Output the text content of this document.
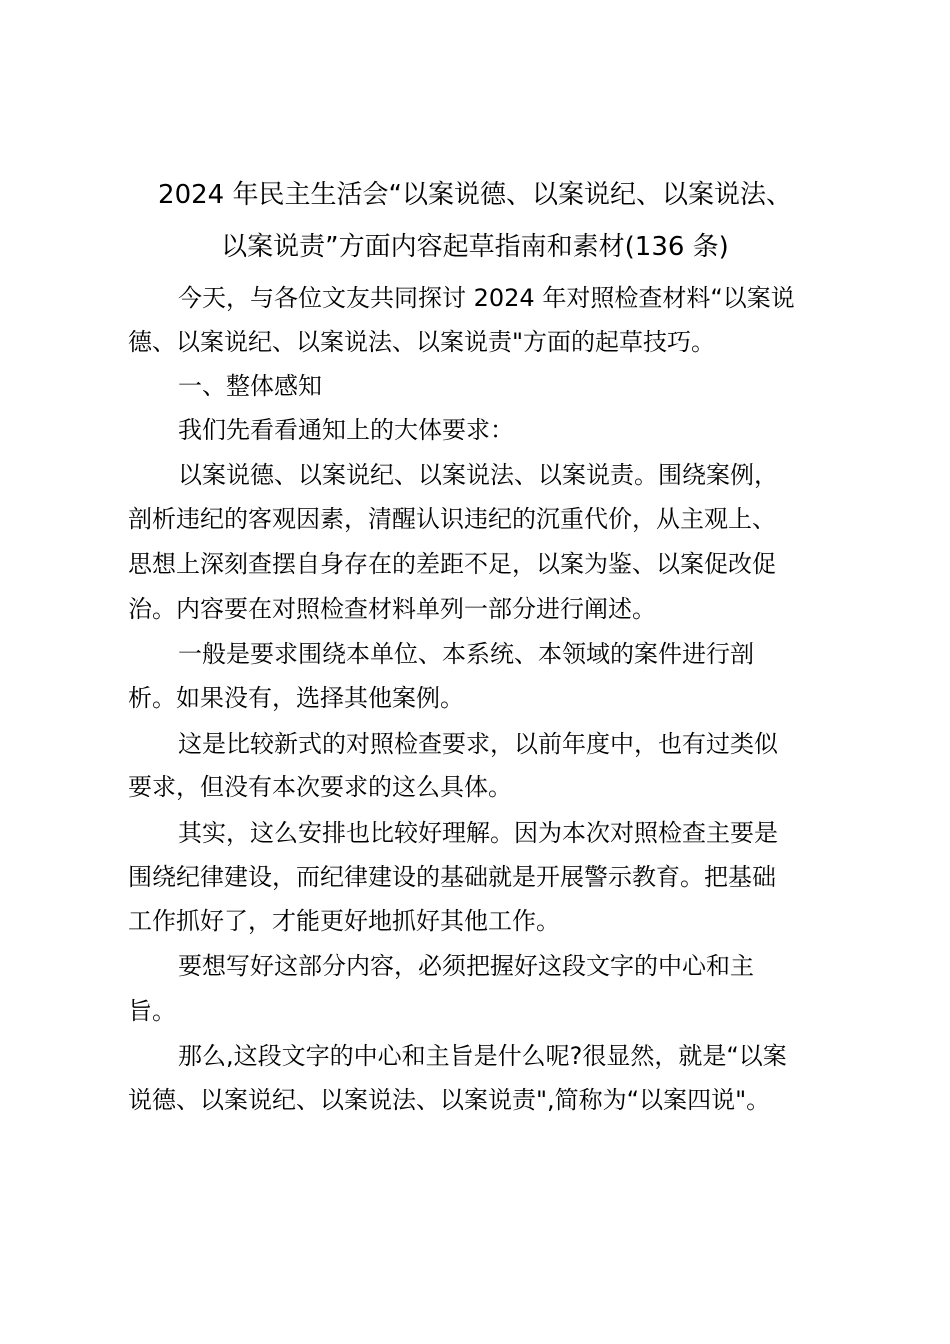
2024 年民主生活会“以案说德、以案说纪、以案说法、
以案说责”方面内容起草指南和素材(136 条)
今天，与各位文友共同探讨 2024 年对照检查材料“以案说
德、以案说纪、以案说法、以案说责"方面的起草技巧。
一、整体感知
我们先看看通知上的大体要求：
以案说德、以案说纪、以案说法、以案说责。围绕案例，
剖析违纪的客观因素，清醒认识违纪的沉重代价，从主观上、
思想上深刻查摆自身存在的差距不足，以案为鉴、以案促改促
治。内容要在对照检查材料单列一部分进行阐述。
一般是要求围绕本单位、本系统、本领域的案件进行剖
析。如果没有，选择其他案例。
这是比较新式的对照检查要求，以前年度中，也有过类似
要求，但没有本次要求的这么具体。
其实，这么安排也比较好理解。因为本次对照检查主要是
围绕纪律建设，而纪律建设的基础就是开展警示教育。把基础
工作抓好了，才能更好地抓好其他工作。
要想写好这部分内容，必须把握好这段文字的中心和主
旨。
那么,这段文字的中心和主旨是什么呢?很显然，就是“以案
说德、以案说纪、以案说法、以案说责",简称为“以案四说"。
